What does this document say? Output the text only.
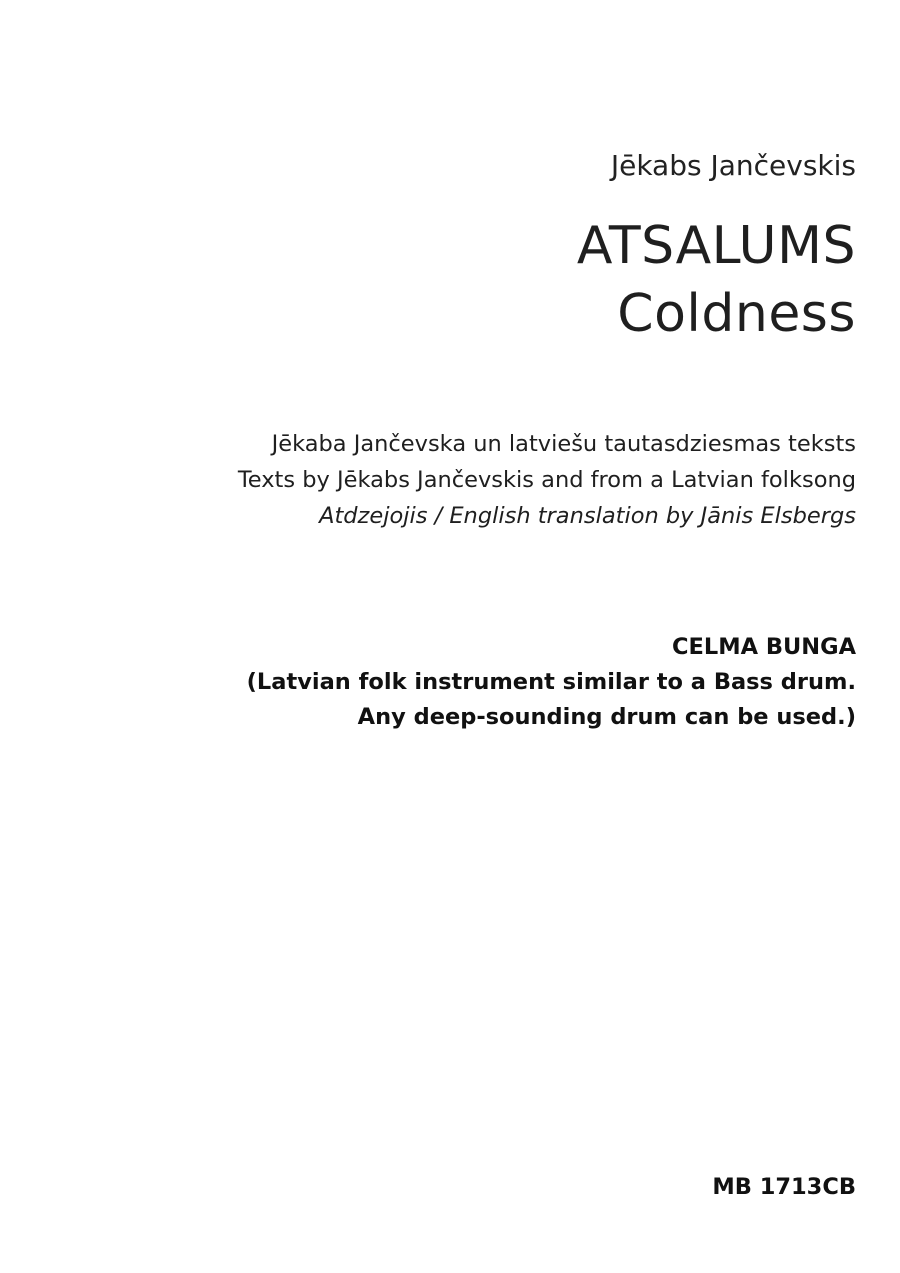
Jēkabs Jančevskis
ATSALUMS
Coldness
Jēkaba Jančevska un latviešu tautasdziesmas teksts
Texts by Jēkabs Jančevskis and from a Latvian folksong
Atdzejojis / English translation by Jānis Elsbergs
CELMA BUNGA
(Latvian folk instrument similar to a Bass drum.
Any deep-sounding drum can be used.)
MB 1713CB
